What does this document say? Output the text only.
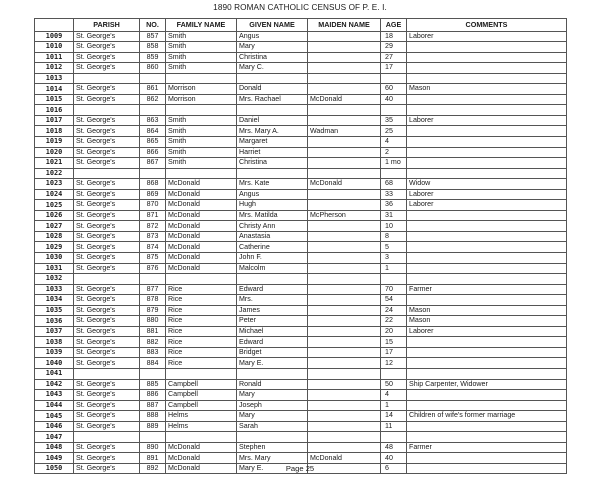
1890 ROMAN CATHOLIC CENSUS OF P. E. I.
	PARISH	NO.	FAMILY NAME	GIVEN NAME	MAIDEN NAME	AGE	COMMENTS
1009	St. George's	857	Smith	Angus		18	Laborer
1010	St. George's	858	Smith	Mary		29	
1011	St. George's	859	Smith	Christina		27	
1012	St. George's	860	Smith	Mary C.		17	
1013							
1014	St. George's	861	Morrison	Donald		60	Mason
1015	St. George's	862	Morrison	Mrs. Rachael	McDonald	40	
1016							
1017	St. George's	863	Smith	Daniel		35	Laborer
1018	St. George's	864	Smith	Mrs. Mary A.	Wadman	25	
1019	St. George's	865	Smith	Margaret		4	
1020	St. George's	866	Smith	Harriet		2	
1021	St. George's	867	Smith	Christina		1 mo	
1022							
1023	St. George's	868	McDonald	Mrs. Kate	McDonald	68	Widow
1024	St. George's	869	McDonald	Angus		33	Laborer
1025	St. George's	870	McDonald	Hugh		36	Laborer
1026	St. George's	871	McDonald	Mrs. Matilda	McPherson	31	
1027	St. George's	872	McDonald	Christy Ann		10	
1028	St. George's	873	McDonald	Anastasia		8	
1029	St. George's	874	McDonald	Catherine		5	
1030	St. George's	875	McDonald	John F.		3	
1031	St. George's	876	McDonald	Malcolm		1	
1032							
1033	St. George's	877	Rice	Edward		70	Farmer
1034	St. George's	878	Rice	Mrs.		54	
1035	St. George's	879	Rice	James		24	Mason
1036	St. George's	880	Rice	Peter		22	Mason
1037	St. George's	881	Rice	Michael		20	Laborer
1038	St. George's	882	Rice	Edward		15	
1039	St. George's	883	Rice	Bridget		17	
1040	St. George's	884	Rice	Mary E.		12	
1041							
1042	St. George's	885	Campbell	Ronald		50	Ship Carpenter, Widower
1043	St. George's	886	Campbell	Mary		4	
1044	St. George's	887	Campbell	Joseph		1	
1045	St. George's	888	Helms	Mary		14	Children of wife's former marriage
1046	St. George's	889	Helms	Sarah		11	
1047							
1048	St. George's	890	McDonald	Stephen		48	Farmer
1049	St. George's	891	McDonald	Mrs. Mary	McDonald	40	
1050	St. George's	892	McDonald	Mary E.		6	
Page 25
